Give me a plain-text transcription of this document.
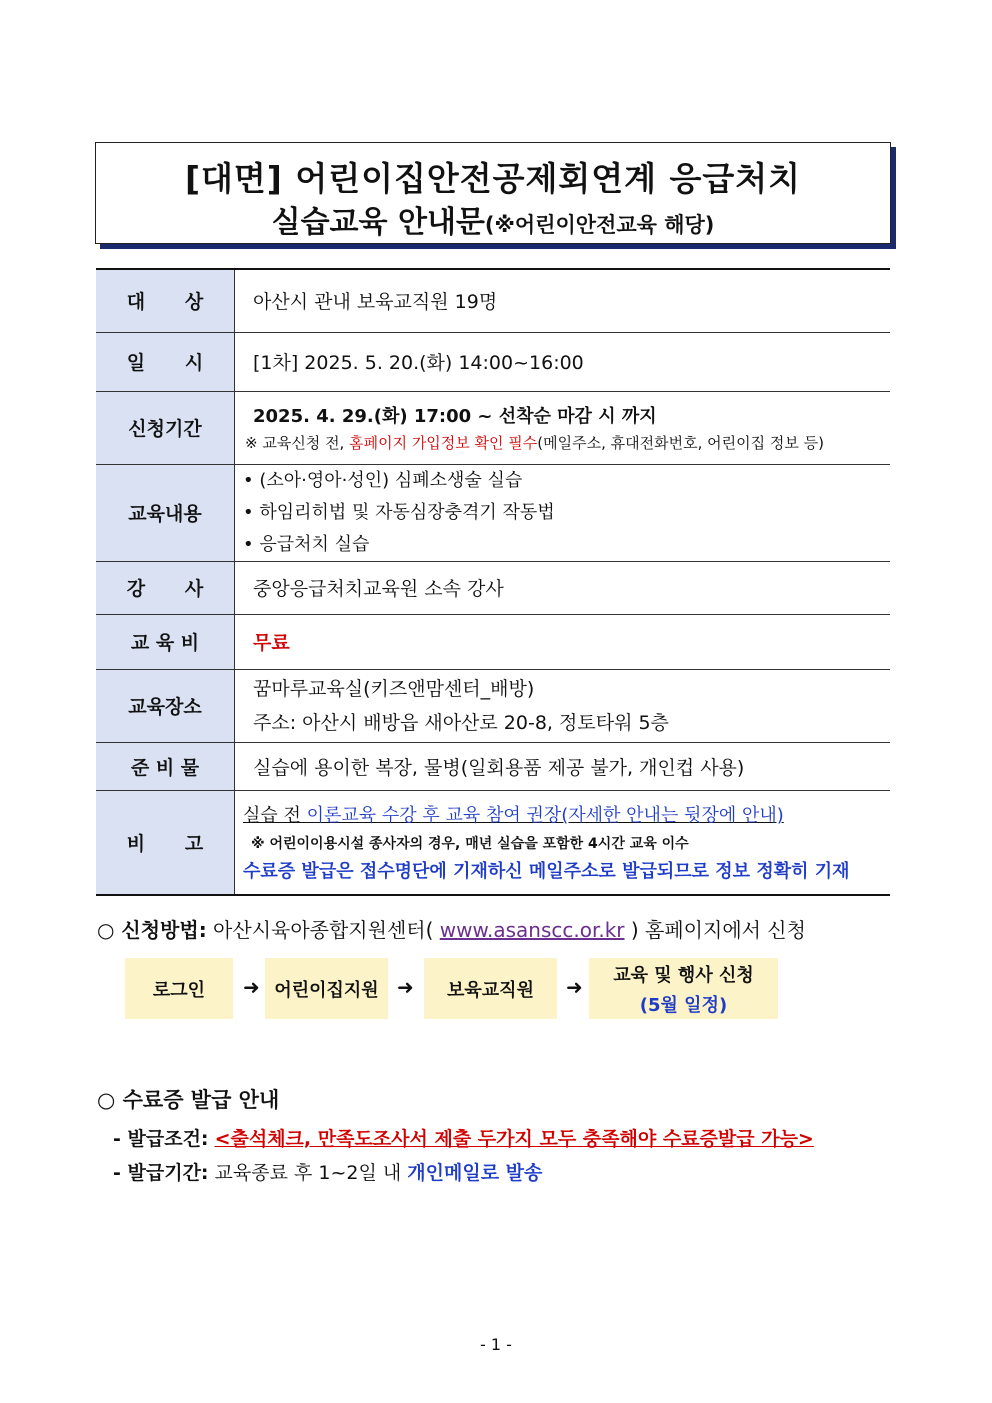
[대면] 어린이집안전공제회연계 응급처치
실습교육 안내문(※어린이안전교육 해당)
대      상	아산시 관내 보육교직원 19명
일      시	[1차] 2025. 5. 20.(화) 14:00~16:00
신청기간	2025. 4. 29.(화) 17:00 ~ 선착순 마감 시 까지
※ 교육신청 전, 홈페이지 가입정보 확인 필수(메일주소, 휴대전화번호, 어린이집 정보 등)

교육내용	• (소아·영아·성인) 심폐소생술 실습
• 하임리히법 및 자동심장충격기 작동법
• 응급처치 실습

강      사	중앙응급처치교육원 소속 강사
교 육 비	무료
교육장소	꿈마루교육실(키즈앤맘센터_배방)
주소: 아산시 배방읍 새아산로 20-8, 정토타워 5층

준 비 물	실습에 용이한 복장, 물병(일회용품 제공 불가, 개인컵 사용)
비      고	실습 전 이론교육 수강 후 교육 참여 권장(자세한 안내는 뒷장에 안내)
※ 어린이이용시설 종사자의 경우, 매년 실습을 포함한 4시간 교육 이수
수료증 발급은 접수명단에 기재하신 메일주소로 발급되므로 정보 정확히 기재
○ 신청방법: 아산시육아종합지원센터( www.asanscc.or.kr ) 홈페이지에서 신청
로그인	➜ 어린이집지원 ➜	보육교직원	➜ 교육 및 행사 신청
(5월 일정)
○ 수료증 발급 안내
- 발급조건: <출석체크, 만족도조사서 제출 두가지 모두 충족해야 수료증발급 가능>
- 발급기간: 교육종료 후 1~2일 내 개인메일로 발송
- 1 -
